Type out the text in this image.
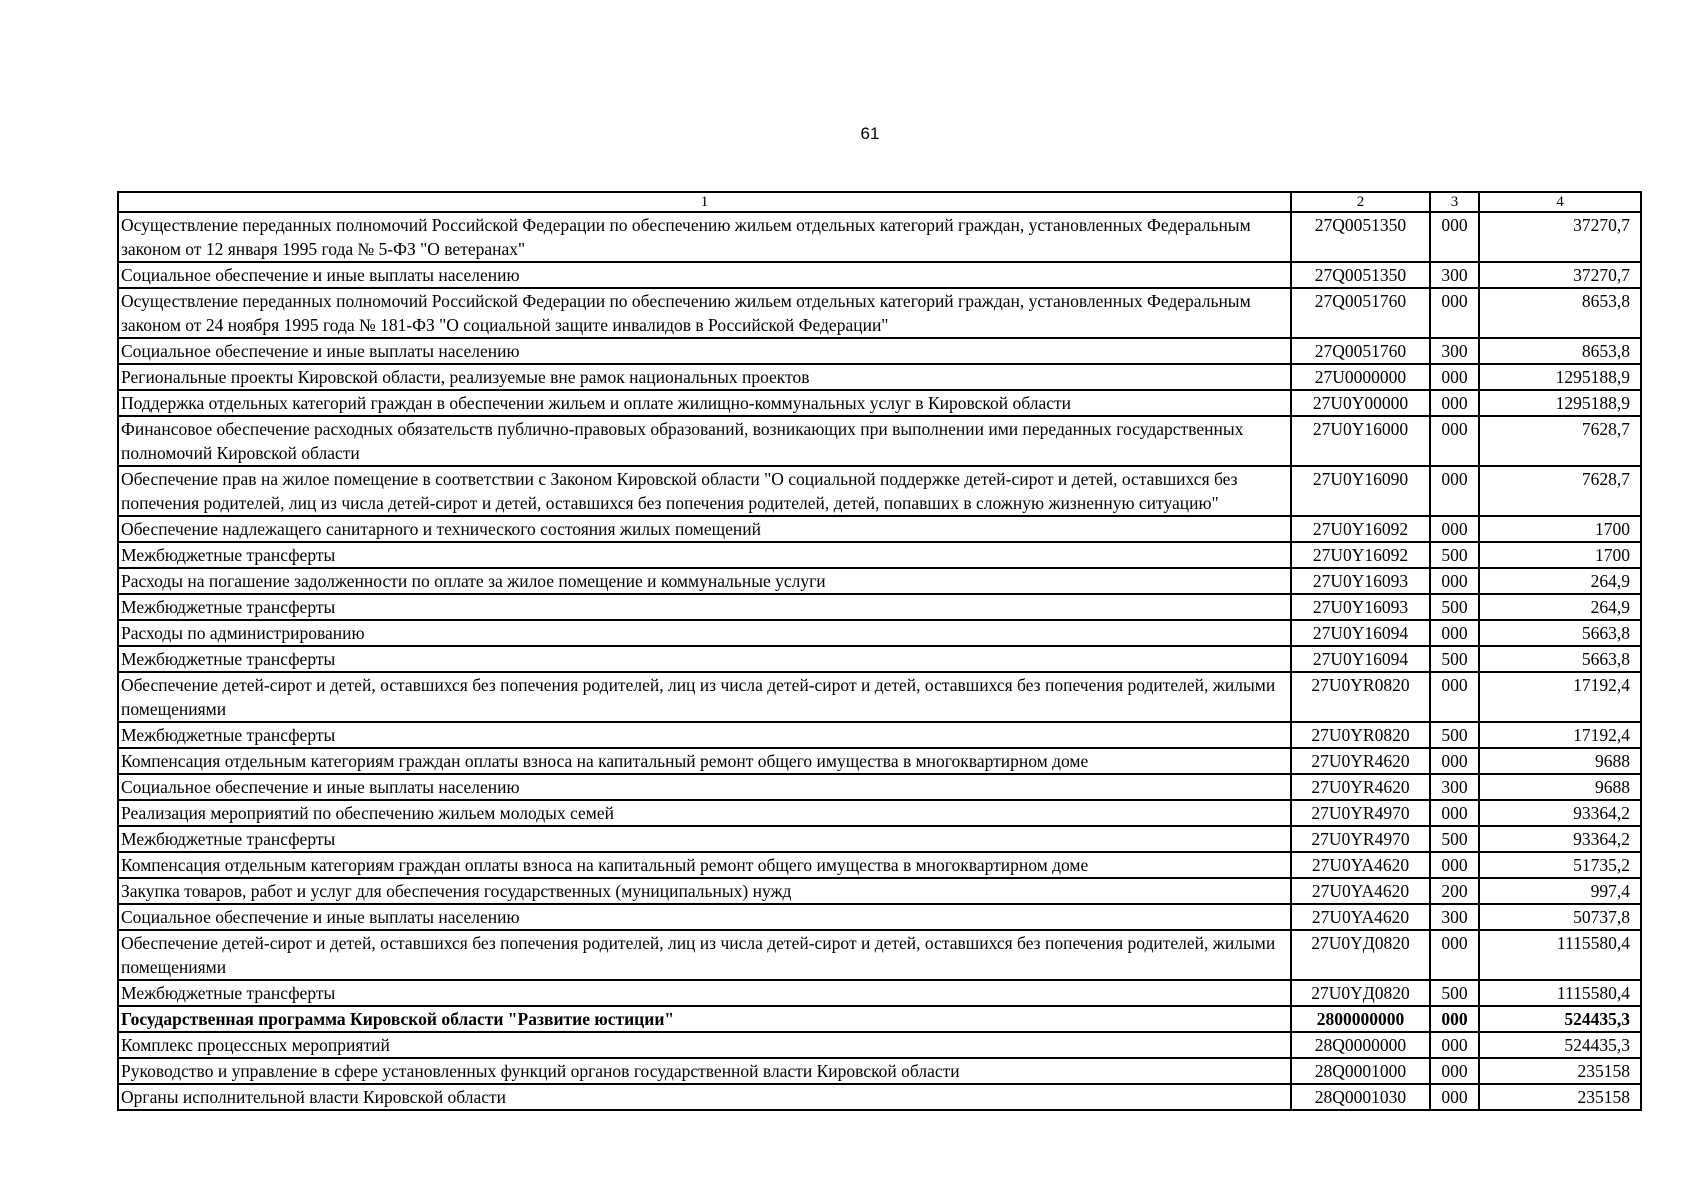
61
1	2	3	4
Осуществление переданных полномочий Российской Федерации по обеспечению жильем отдельных категорий граждан, установленных Федеральным законом от 12 января 1995 года № 5-ФЗ "О ветеранах"	27Q0051350	000	37270,7
Социальное обеспечение и иные выплаты населению	27Q0051350	300	37270,7
Осуществление переданных полномочий Российской Федерации по обеспечению жильем отдельных категорий граждан, установленных Федеральным законом от 24 ноября 1995 года № 181-ФЗ "О социальной защите инвалидов в Российской Федерации"	27Q0051760	000	8653,8
Социальное обеспечение и иные выплаты населению	27Q0051760	300	8653,8
Региональные проекты Кировской области, реализуемые вне рамок национальных проектов	27U0000000	000	1295188,9
Поддержка отдельных категорий граждан в обеспечении жильем и оплате жилищно-коммунальных услуг в Кировской области	27U0Y00000	000	1295188,9
Финансовое обеспечение расходных обязательств публично-правовых образований, возникающих при выполнении ими переданных государственных полномочий Кировской области	27U0Y16000	000	7628,7
Обеспечение прав на жилое помещение в соответствии с Законом Кировской области "О социальной поддержке детей-сирот и детей, оставшихся без попечения родителей, лиц из числа детей-сирот и детей, оставшихся без попечения родителей, детей, попавших в сложную жизненную ситуацию"	27U0Y16090	000	7628,7
Обеспечение надлежащего санитарного и технического состояния жилых помещений	27U0Y16092	000	1700
Межбюджетные трансферты	27U0Y16092	500	1700
Расходы на погашение задолженности по оплате за жилое помещение и коммунальные услуги	27U0Y16093	000	264,9
Межбюджетные трансферты	27U0Y16093	500	264,9
Расходы по администрированию	27U0Y16094	000	5663,8
Межбюджетные трансферты	27U0Y16094	500	5663,8
Обеспечение детей-сирот и детей, оставшихся без попечения родителей, лиц из числа детей-сирот и детей, оставшихся без попечения родителей, жилыми помещениями	27U0YR0820	000	17192,4
Межбюджетные трансферты	27U0YR0820	500	17192,4
Компенсация отдельным категориям граждан оплаты взноса на капитальный ремонт общего имущества в многоквартирном доме	27U0YR4620	000	9688
Социальное обеспечение и иные выплаты населению	27U0YR4620	300	9688
Реализация мероприятий по обеспечению жильем молодых семей	27U0YR4970	000	93364,2
Межбюджетные трансферты	27U0YR4970	500	93364,2
Компенсация отдельным категориям граждан оплаты взноса на капитальный ремонт общего имущества в многоквартирном доме	27U0YA4620	000	51735,2
Закупка товаров, работ и услуг для обеспечения государственных (муниципальных) нужд	27U0YA4620	200	997,4
Социальное обеспечение и иные выплаты населению	27U0YA4620	300	50737,8
Обеспечение детей-сирот и детей, оставшихся без попечения родителей, лиц из числа детей-сирот и детей, оставшихся без попечения родителей, жилыми помещениями	27U0YД0820	000	1115580,4
Межбюджетные трансферты	27U0YД0820	500	1115580,4
Государственная программа Кировской области "Развитие юстиции"	2800000000	000	524435,3
Комплекс процессных мероприятий	28Q0000000	000	524435,3
Руководство и управление в сфере установленных функций органов государственной власти Кировской области	28Q0001000	000	235158
Органы исполнительной власти Кировской области	28Q0001030	000	235158
